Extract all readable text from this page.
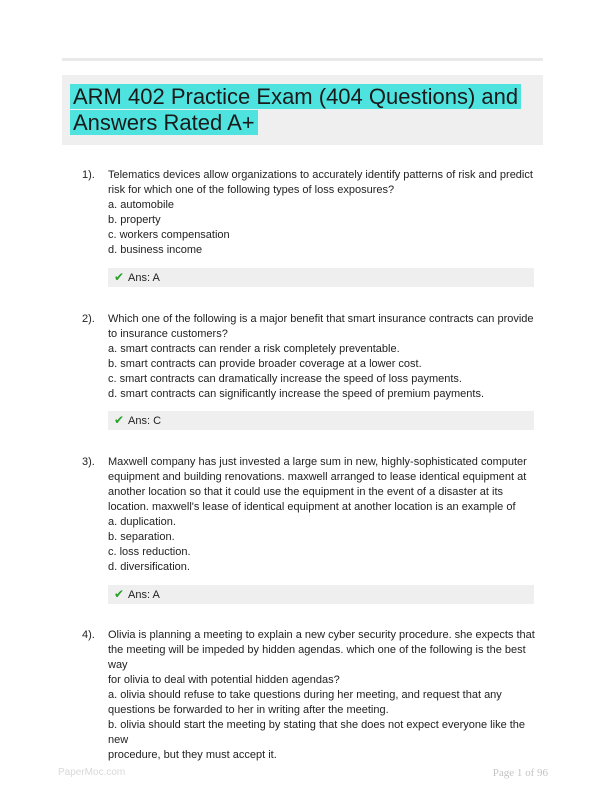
ARM 402 Practice Exam (404 Questions) and Answers Rated A+
1). Telematics devices allow organizations to accurately identify patterns of risk and predict
risk for which one of the following types of loss exposures?
a. automobile
b. property
c. workers compensation
d. business income
✔ Ans: A
2). Which one of the following is a major benefit that smart insurance contracts can provide
to insurance customers?
a. smart contracts can render a risk completely preventable.
b. smart contracts can provide broader coverage at a lower cost.
c. smart contracts can dramatically increase the speed of loss payments.
d. smart contracts can significantly increase the speed of premium payments.
✔ Ans: C
3). Maxwell company has just invested a large sum in new, highly-sophisticated computer
equipment and building renovations. maxwell arranged to lease identical equipment at
another location so that it could use the equipment in the event of a disaster at its
location. maxwell's lease of identical equipment at another location is an example of
a. duplication.
b. separation.
c. loss reduction.
d. diversification.
✔ Ans: A
4). Olivia is planning a meeting to explain a new cyber security procedure. she expects that
the meeting will be impeded by hidden agendas. which one of the following is the best way
for olivia to deal with potential hidden agendas?
a. olivia should refuse to take questions during her meeting, and request that any
questions be forwarded to her in writing after the meeting.
b. olivia should start the meeting by stating that she does not expect everyone like the new
procedure, but they must accept it.
PaperMoc.com	Page 1 of 96
